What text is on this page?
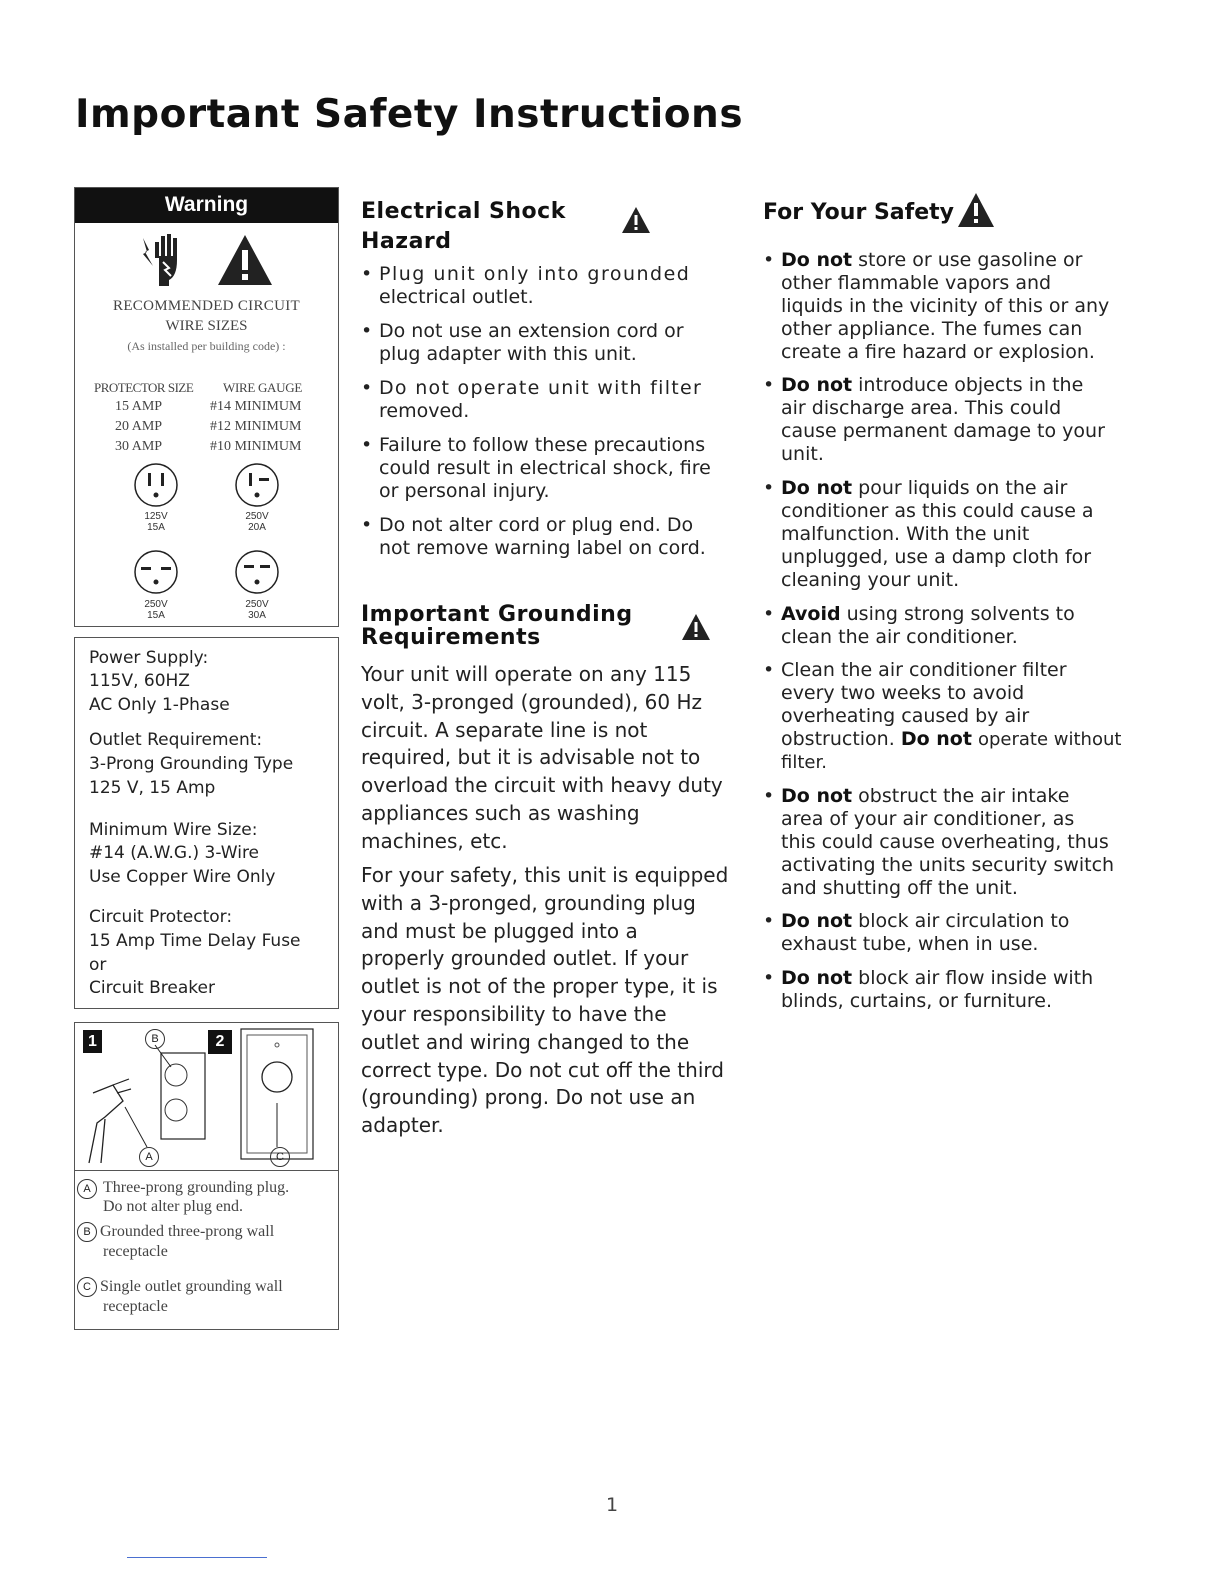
Important Safety Instructions
Warning
RECOMMENDED CIRCUIT
WIRE SIZES
(As installed per building code) :
PROTECTOR SIZE WIRE GAUGE
15 AMP	#14 MINIMUM
20 AMP	#12 MINIMUM
30 AMP	#10 MINIMUM
125V
15A
250V
20A
250V
15A
250V
30A
Power Supply:
115V, 60HZ
AC Only 1-Phase
Outlet Requirement:
3-Prong Grounding Type
125 V, 15 Amp
Minimum Wire Size:
#14 (A.W.G.) 3-Wire
Use Copper Wire Only
Circuit Protector:
15 Amp Time Delay Fuse
or
Circuit Breaker
1	2
B
A	C
A Three-prong grounding plug.
Do not alter plug end.
B Grounded three-prong wall
receptacle
C Single outlet grounding wall
receptacle
Electrical Shock
Hazard
• Plug unit only into grounded
electrical outlet.
• Do not use an extension cord or
plug adapter with this unit.
• Do not operate unit with filter
removed.
• Failure to follow these precautions
could result in electrical shock, fire
or personal injury.
• Do not alter cord or plug end. Do
not remove warning label on cord.
Important Grounding
Requirements
Your unit will operate on any 115
volt, 3-pronged (grounded), 60 Hz
circuit. A separate line is not
required, but it is advisable not to
overload the circuit with heavy duty
appliances such as washing
machines, etc.
For your safety, this unit is equipped
with a 3-pronged, grounding plug
and must be plugged into a
properly grounded outlet. If your
outlet is not of the proper type, it is
your responsibility to have the
outlet and wiring changed to the
correct type. Do not cut off the third
(grounding) prong. Do not use an
adapter.
For Your Safety
• Do not store or use gasoline or
other flammable vapors and
liquids in the vicinity of this or any
other appliance. The fumes can
create a fire hazard or explosion.
• Do not introduce objects in the
air discharge area. This could
cause permanent damage to your
unit.
• Do not pour liquids on the air
conditioner as this could cause a
malfunction. With the unit
unplugged, use a damp cloth for
cleaning your unit.
• Avoid using strong solvents to
clean the air conditioner.
• Clean the air conditioner filter
every two weeks to avoid
overheating caused by air
obstruction. Do not operate without
filter.
• Do not obstruct the air intake
area of your air conditioner, as
this could cause overheating, thus
activating the units security switch
and shutting off the unit.
• Do not block air circulation to
exhaust tube, when in use.
• Do not block air flow inside with
blinds, curtains, or furniture.
1
